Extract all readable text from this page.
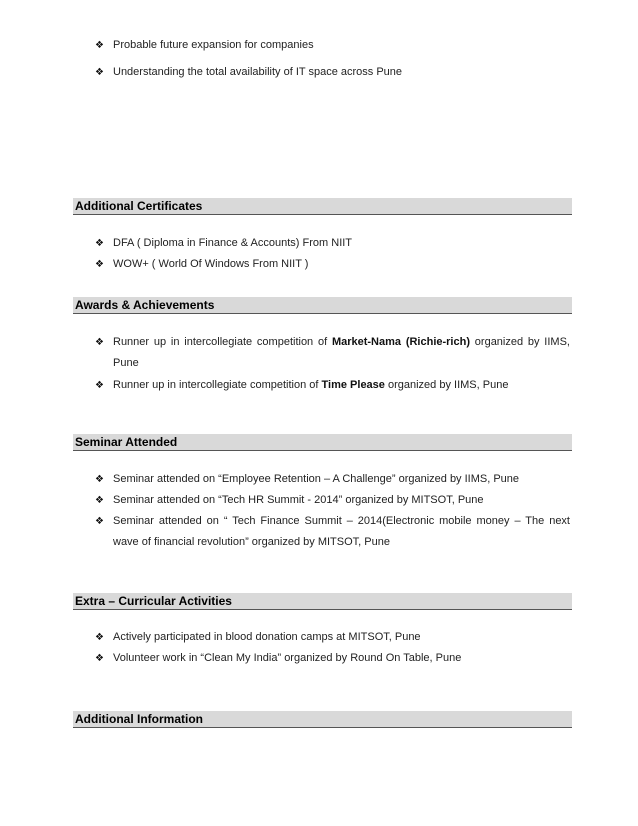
❖ Probable future expansion for companies
❖ Understanding the total availability of IT space across Pune
Additional Certificates
❖ DFA ( Diploma in Finance & Accounts) From NIIT
❖ WOW+ ( World Of Windows From NIIT )
Awards & Achievements
❖ Runner up in intercollegiate competition of Market-Nama (Richie-rich) organized by IIMS, Pune
❖ Runner up in intercollegiate competition of Time Please organized by IIMS, Pune
Seminar Attended
❖ Seminar attended on “Employee Retention – A Challenge” organized by IIMS, Pune
❖ Seminar attended on “Tech HR Summit - 2014” organized by MITSOT, Pune
❖ Seminar attended on “ Tech Finance Summit – 2014(Electronic mobile money – The next wave of financial revolution” organized by MITSOT, Pune
Extra – Curricular Activities
❖ Actively participated in blood donation camps at MITSOT, Pune
❖ Volunteer work in “Clean My India” organized by Round On Table, Pune
Additional Information
